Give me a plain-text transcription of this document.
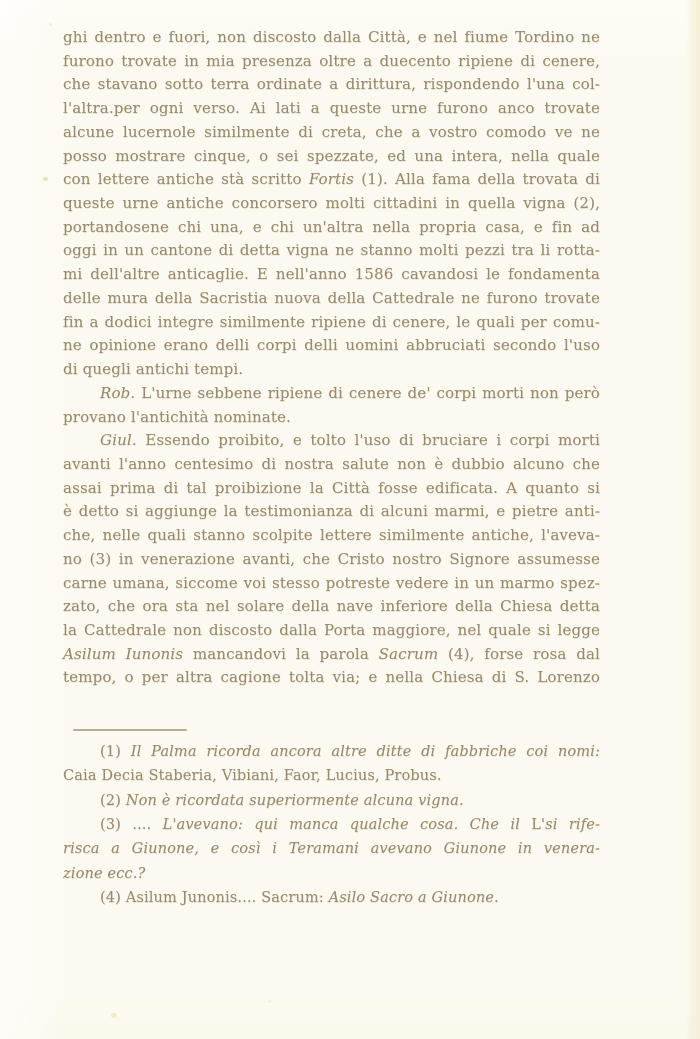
ghi dentro e fuori, non discosto dalla Città, e nel fiume Tordino ne
furono trovate in mia presenza oltre a duecento ripiene di cenere,
che stavano sotto terra ordinate a dirittura, rispondendo l'una col-
l'altra.per ogni verso. Ai lati a queste urne furono anco trovate
alcune lucernole similmente di creta, che a vostro comodo ve ne
posso mostrare cinque, o sei spezzate, ed una intera, nella quale
con lettere antiche stà scritto Fortis (1). Alla fama della trovata di
queste urne antiche concorsero molti cittadini in quella vigna (2),
portandosene chi una, e chi un'altra nella propria casa, e fin ad
oggi in un cantone di detta vigna ne stanno molti pezzi tra li rotta-
mi dell'altre anticaglie. E nell'anno 1586 cavandosi le fondamenta
delle mura della Sacristia nuova della Cattedrale ne furono trovate
fin a dodici integre similmente ripiene di cenere, le quali per comu-
ne opinione erano delli corpi delli uomini abbruciati secondo l'uso
di quegli antichi tempi.
Rob. L'urne sebbene ripiene di cenere de' corpi morti non però
provano l'antichità nominate.
Giul. Essendo proibito, e tolto l'uso di bruciare i corpi morti
avanti l'anno centesimo di nostra salute non è dubbio alcuno che
assai prima di tal proibizione la Città fosse edificata. A quanto si
è detto si aggiunge la testimonianza di alcuni marmi, e pietre anti-
che, nelle quali stanno scolpite lettere similmente antiche, l'aveva-
no (3) in venerazione avanti, che Cristo nostro Signore assumesse
carne umana, siccome voi stesso potreste vedere in un marmo spez-
zato, che ora sta nel solare della nave inferiore della Chiesa detta
la Cattedrale non discosto dalla Porta maggiore, nel quale si legge
Asilum Iunonis mancandovi la parola Sacrum (4), forse rosa dal
tempo, o per altra cagione tolta via; e nella Chiesa di S. Lorenzo
(1) Il Palma ricorda ancora altre ditte di fabbriche coi nomi:
Caia Decia Staberia, Vibiani, Faor, Lucius, Probus.
(2) Non è ricordata superiormente alcuna vigna.
(3) .... L'avevano: qui manca qualche cosa. Che il L'si rife-
risca a Giunone, e così i Teramani avevano Giunone in venera-
zione ecc.?
(4) Asilum Junonis.... Sacrum: Asilo Sacro a Giunone.
